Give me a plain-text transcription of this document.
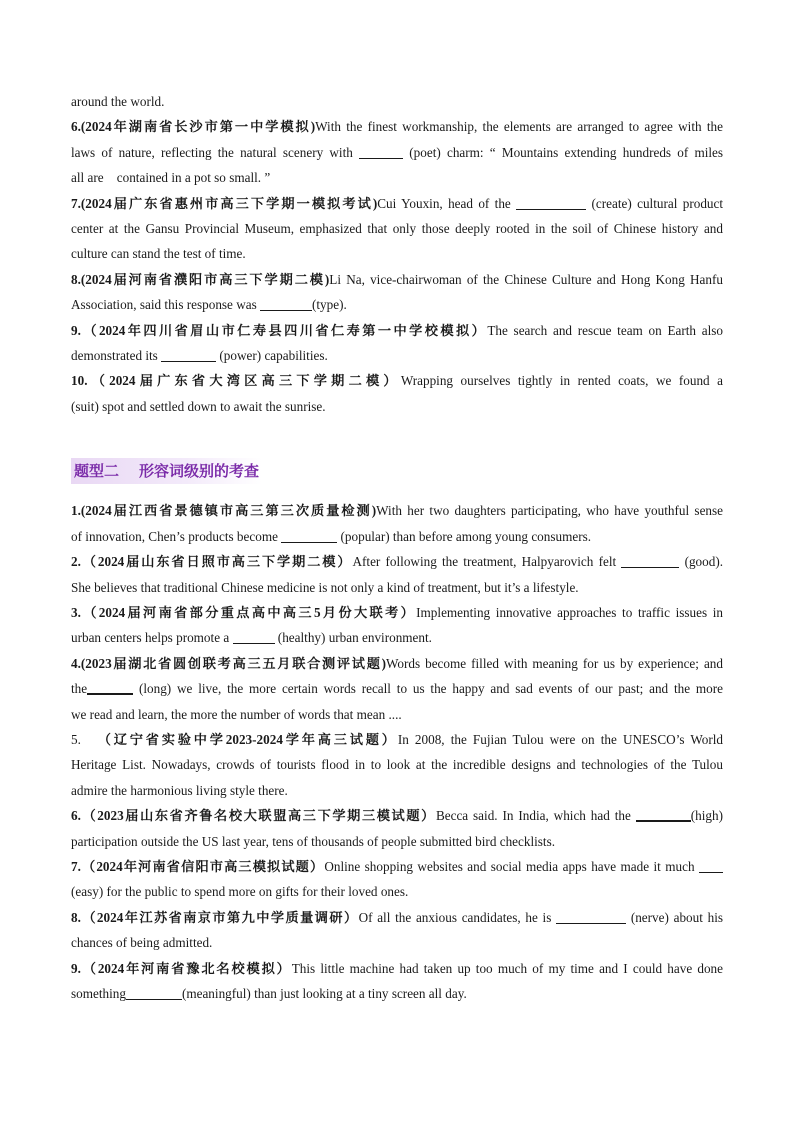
around the world.
6.(2024年湖南省长沙市第一中学模拟)With the finest workmanship, the elements are arranged to agree with the
laws of nature, reflecting the natural scenery with	(poet) charm: “ Mountains extending hundreds of miles
all are    contained in a pot so small. ”
7.(2024届广东省惠州市高三下学期一模拟考试)Cui Youxin, head of the	(create) cultural product
center at the Gansu Provincial Museum, emphasized that only those deeply rooted in the soil of Chinese history and
culture can stand the test of time.
8.(2024届河南省濮阳市高三下学期二模)Li Na, vice-chairwoman of the Chinese Culture and Hong Kong Hanfu
Association, said this response was	(type).
9.（2024年四川省眉山市仁寿县四川省仁寿第一中学校模拟）The search and rescue team on Earth also
demonstrated its	(power) capabilities.
10.（2024届广东省大湾区高三下学期二模）Wrapping ourselves tightly in rented coats, we found a
(suit) spot and settled down to await the sunrise.
题型二 形容词级别的考查
1.(2024届江西省景德镇市高三第三次质量检测)With her two daughters participating, who have youthful sense
of innovation, Chen’s products become	(popular) than before among young consumers.
2.（2024届山东省日照市高三下学期二模）After following the treatment, Halpyarovich felt	(good).
She believes that traditional Chinese medicine is not only a kind of treatment, but it’s a lifestyle.
3.（2024届河南省部分重点高中高三5月份大联考）Implementing innovative approaches to traffic issues in
urban centers helps promote a	(healthy) urban environment.
4.(2023届湖北省圆创联考高三五月联合测评试题)Words become filled with meaning for us by experience; and
the	(long) we live, the more certain words recall to us the happy and sad events of our past; and the more
we read and learn, the more the number of words that mean ....
5. （辽宁省实验中学2023-2024学年高三试题）In 2008, the Fujian Tulou were on the UNESCO’s World
Heritage List. Nowadays, crowds of tourists flood in to look at the incredible designs and technologies of the Tulou
admire the harmonious living style there.
6.（2023届山东省齐鲁名校大联盟高三下学期三模试题）Becca said. In India, which had the	(high)
participation outside the US last year, tens of thousands of people submitted bird checklists.
7.（2024年河南省信阳市高三模拟试题）Online shopping websites and social media apps have made it much
(easy) for the public to spend more on gifts for their loved ones.
8.（2024年江苏省南京市第九中学质量调研）Of all the anxious candidates, he is	(nerve) about his
chances of being admitted.
9.（2024年河南省豫北名校模拟）This little machine had taken up too much of my time and I could have done
something	(meaningful) than just looking at a tiny screen all day.
